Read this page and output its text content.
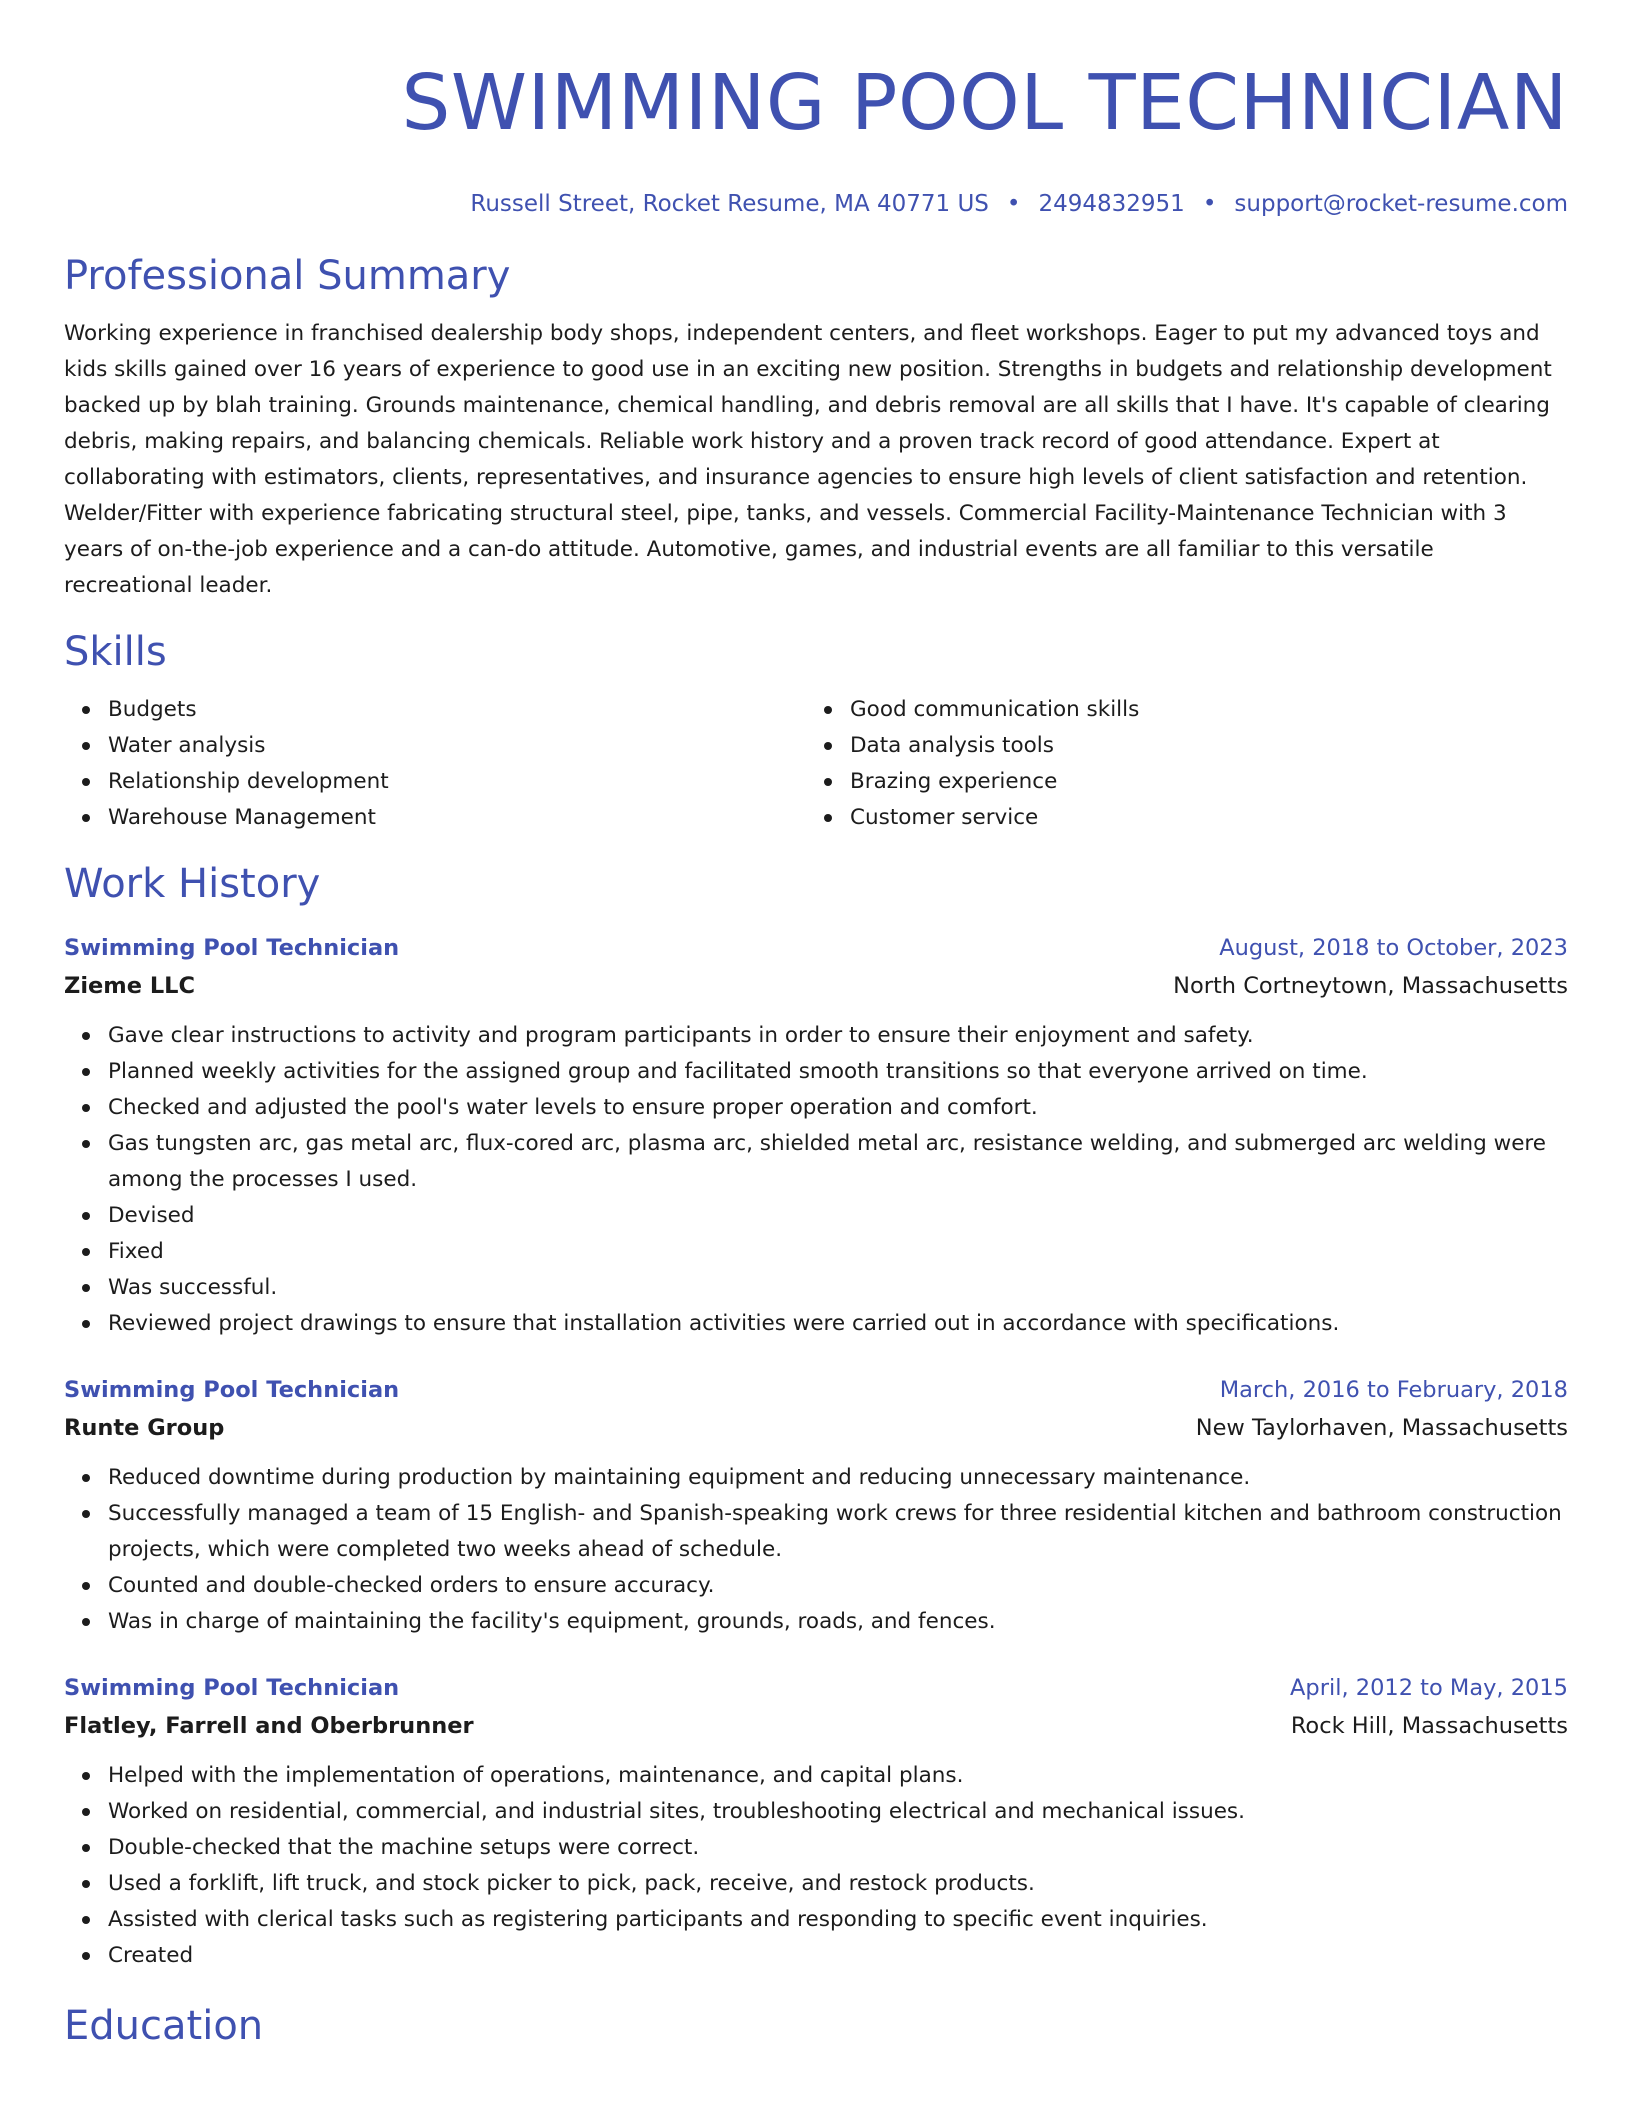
SWIMMING POOL TECHNICIAN
Russell Street, Rocket Resume, MA 40771 US • 2494832951 • support@rocket-resume.com
Professional Summary

Working experience in franchised dealership body shops, independent centers, and fleet workshops. Eager to put my advanced toys and kids skills gained over 16 years of experience to good use in an exciting new position. Strengths in budgets and relationship development backed up by blah training. Grounds maintenance, chemical handling, and debris removal are all skills that I have. It's capable of clearing debris, making repairs, and balancing chemicals. Reliable work history and a proven track record of good attendance. Expert at collaborating with estimators, clients, representatives, and insurance agencies to ensure high levels of client satisfaction and retention. Welder/Fitter with experience fabricating structural steel, pipe, tanks, and vessels. Commercial Facility-Maintenance Technician with 3 years of on-the-job experience and a can-do attitude. Automotive, games, and industrial events are all familiar to this versatile recreational leader.

Skills
Budgets
Water analysis
Relationship development
Warehouse Management
Good communication skills
Data analysis tools
Brazing experience
Customer service
Work History
Swimming Pool Technician	August, 2018 to October, 2023
Zieme LLC	North Cortneytown, Massachusetts
Gave clear instructions to activity and program participants in order to ensure their enjoyment and safety.
Planned weekly activities for the assigned group and facilitated smooth transitions so that everyone arrived on time.
Checked and adjusted the pool's water levels to ensure proper operation and comfort.
Gas tungsten arc, gas metal arc, flux-cored arc, plasma arc, shielded metal arc, resistance welding, and submerged arc welding were among the processes I used.
Devised
Fixed
Was successful.
Reviewed project drawings to ensure that installation activities were carried out in accordance with specifications.
Swimming Pool Technician	March, 2016 to February, 2018
Runte Group	New Taylorhaven, Massachusetts
Reduced downtime during production by maintaining equipment and reducing unnecessary maintenance.
Successfully managed a team of 15 English- and Spanish-speaking work crews for three residential kitchen and bathroom construction projects, which were completed two weeks ahead of schedule.
Counted and double-checked orders to ensure accuracy.
Was in charge of maintaining the facility's equipment, grounds, roads, and fences.
Swimming Pool Technician	April, 2012 to May, 2015
Flatley, Farrell and Oberbrunner	Rock Hill, Massachusetts
Helped with the implementation of operations, maintenance, and capital plans.
Worked on residential, commercial, and industrial sites, troubleshooting electrical and mechanical issues.
Double-checked that the machine setups were correct.
Used a forklift, lift truck, and stock picker to pick, pack, receive, and restock products.
Assisted with clerical tasks such as registering participants and responding to specific event inquiries.
Created
Education
